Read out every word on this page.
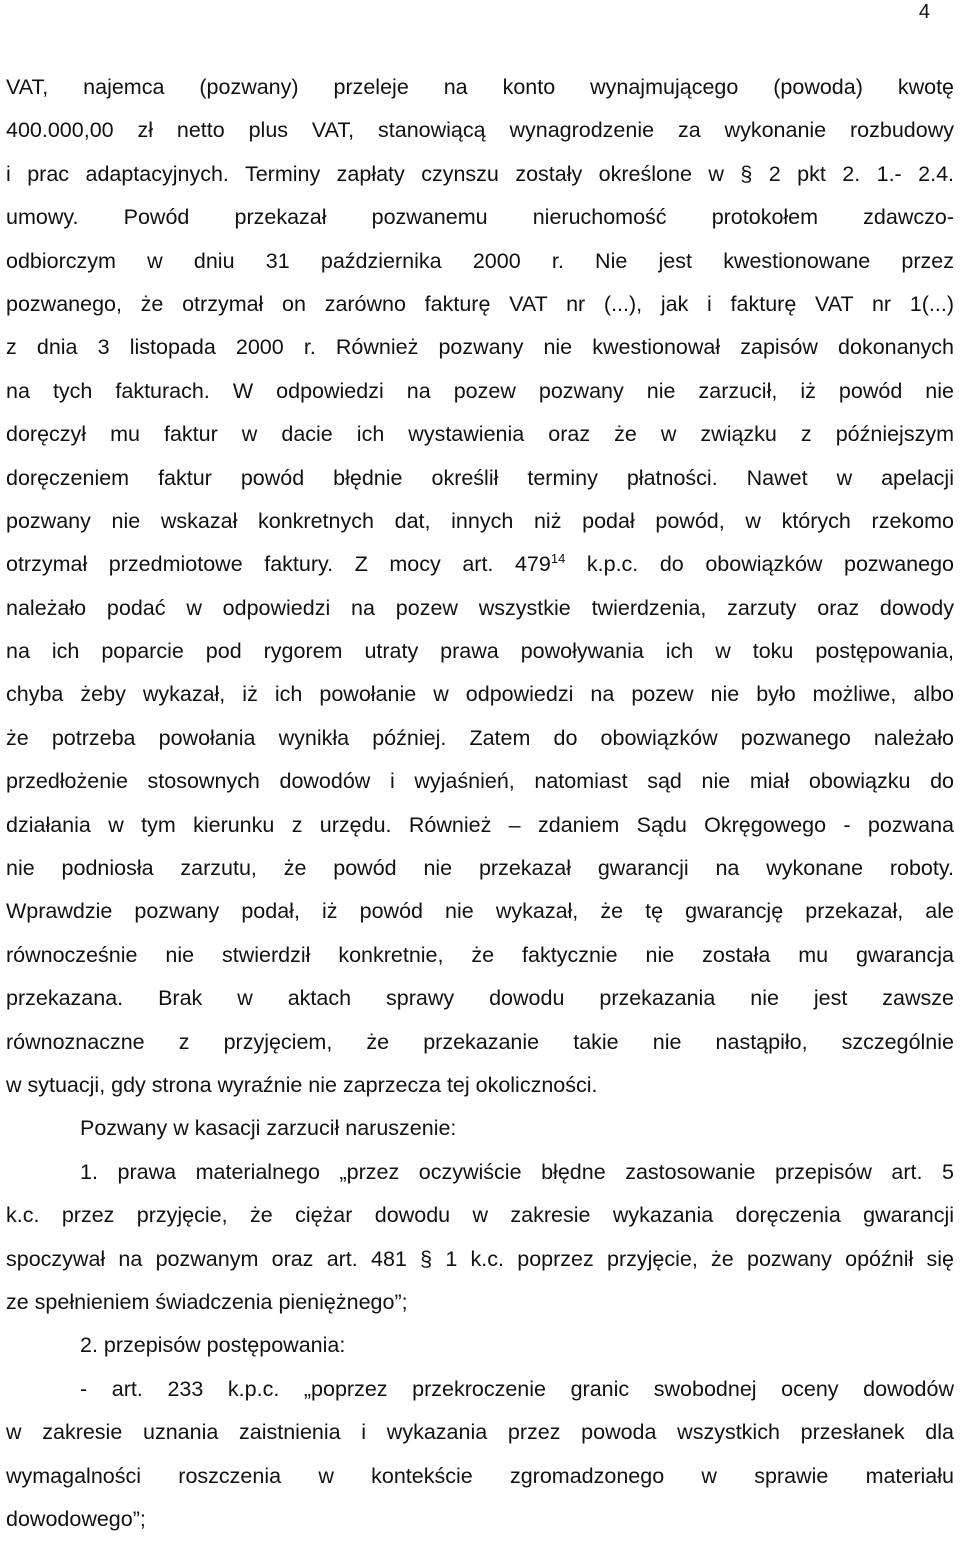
4
VAT, najemca (pozwany) przeleje na konto wynajmującego (powoda) kwotę
400.000,00 zł netto plus VAT, stanowiącą wynagrodzenie za wykonanie rozbudowy
i prac adaptacyjnych. Terminy zapłaty czynszu zostały określone w § 2 pkt 2. 1.- 2.4.
umowy. Powód przekazał pozwanemu nieruchomość protokołem zdawczo-
odbiorczym w dniu 31 października 2000 r. Nie jest kwestionowane przez
pozwanego, że otrzymał on zarówno fakturę VAT nr (...), jak i fakturę VAT nr 1(...)
z dnia 3 listopada 2000 r. Również pozwany nie kwestionował zapisów dokonanych
na tych fakturach. W odpowiedzi na pozew pozwany nie zarzucił, iż powód nie
doręczył mu faktur w dacie ich wystawienia oraz że w związku z późniejszym
doręczeniem faktur powód błędnie określił terminy płatności. Nawet w apelacji
pozwany nie wskazał konkretnych dat, innych niż podał powód, w których rzekomo
otrzymał przedmiotowe faktury. Z mocy art. $479^{14}$ k.p.c. do obowiązków pozwanego
należało podać w odpowiedzi na pozew wszystkie twierdzenia, zarzuty oraz dowody
na ich poparcie pod rygorem utraty prawa powoływania ich w toku postępowania,
chyba żeby wykazał, iż ich powołanie w odpowiedzi na pozew nie było możliwe, albo
że potrzeba powołania wynikła później. Zatem do obowiązków pozwanego należało
przedłożenie stosownych dowodów i wyjaśnień, natomiast sąd nie miał obowiązku do
działania w tym kierunku z urzędu. Również – zdaniem Sądu Okręgowego - pozwana
nie podniosła zarzutu, że powód nie przekazał gwarancji na wykonane roboty.
Wprawdzie pozwany podał, iż powód nie wykazał, że tę gwarancję przekazał, ale
równocześnie nie stwierdził konkretnie, że faktycznie nie została mu gwarancja
przekazana. Brak w aktach sprawy dowodu przekazania nie jest zawsze
równoznaczne z przyjęciem, że przekazanie takie nie nastąpiło, szczególnie
w sytuacji, gdy strona wyraźnie nie zaprzecza tej okoliczności.
Pozwany w kasacji zarzucił naruszenie:
1. prawa materialnego „przez oczywiście błędne zastosowanie przepisów art. 5
k.c. przez przyjęcie, że ciężar dowodu w zakresie wykazania doręczenia gwarancji
spoczywał na pozwanym oraz art. 481 § 1 k.c. poprzez przyjęcie, że pozwany opóźnił się
ze spełnieniem świadczenia pieniężnego”;
2. przepisów postępowania:
- art. 233 k.p.c. „poprzez przekroczenie granic swobodnej oceny dowodów
w zakresie uznania zaistnienia i wykazania przez powoda wszystkich przesłanek dla
wymagalności roszczenia w kontekście zgromadzonego w sprawie materiału
dowodowego”;
